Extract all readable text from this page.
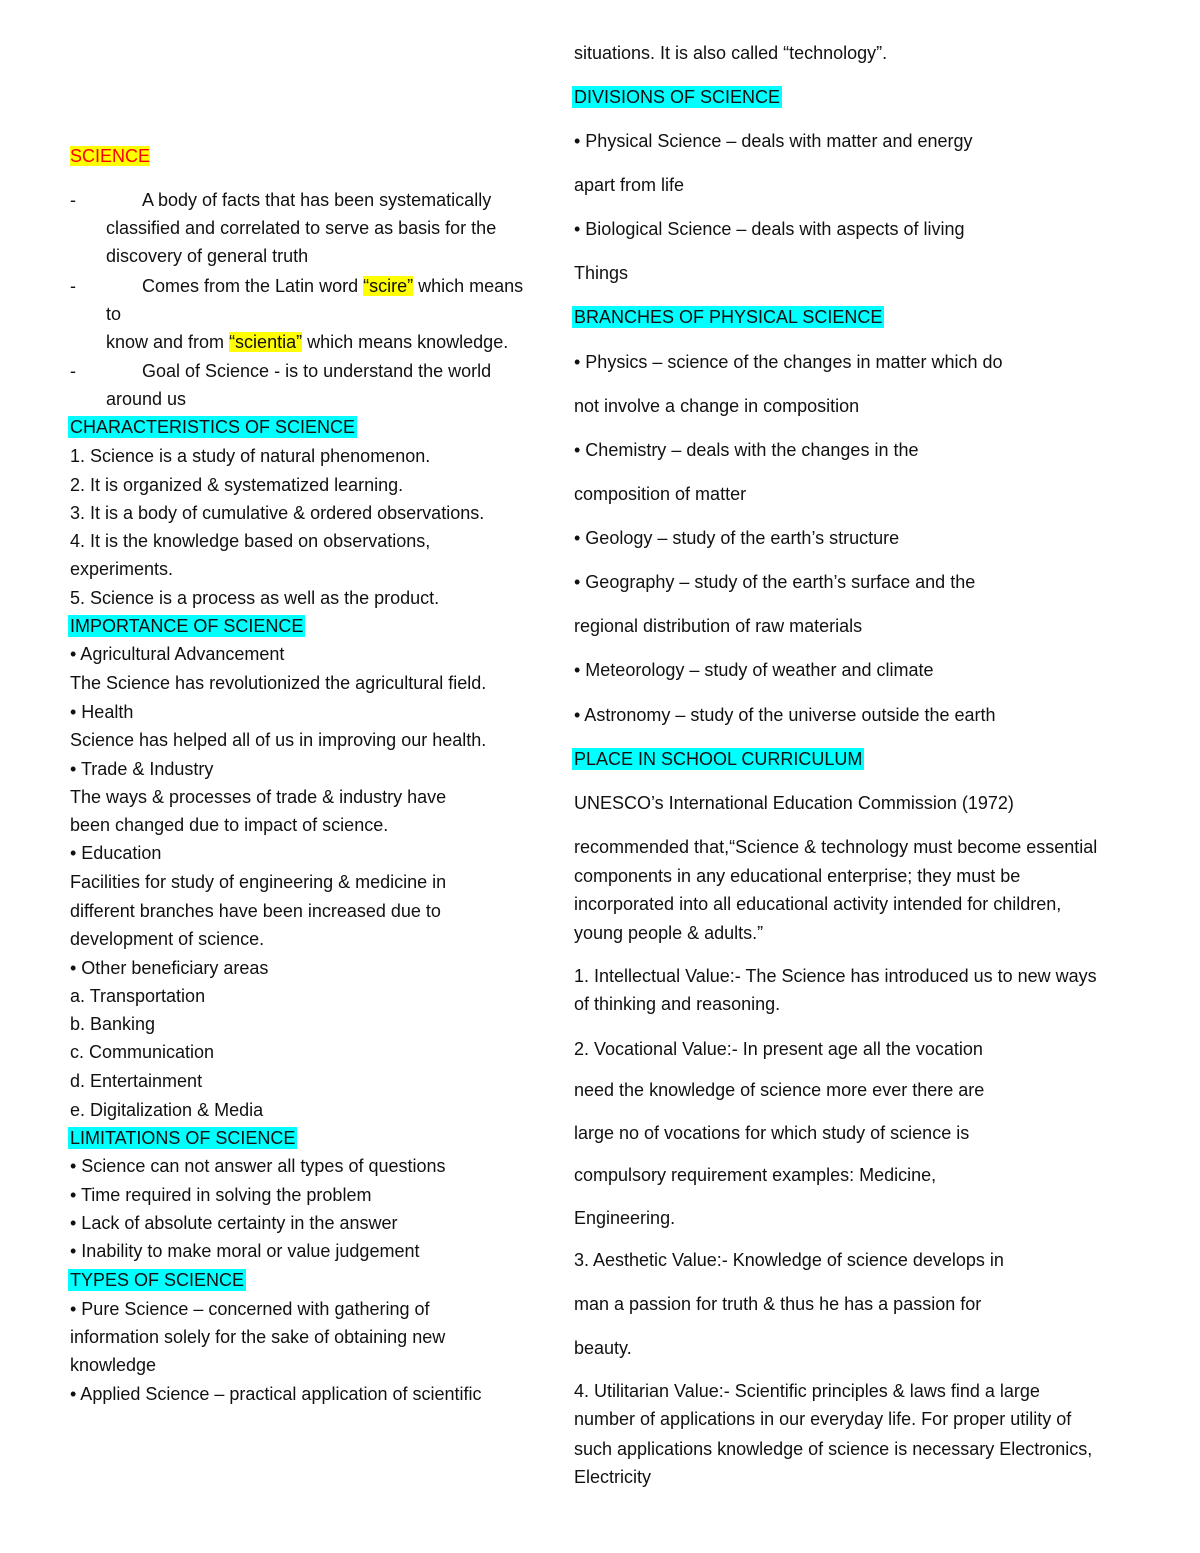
SCIENCE
-	A body of facts that has been systematically
classified and correlated to serve as basis for the
discovery of general truth
-	Comes from the Latin word “scire” which means
to
know and from “scientia” which means knowledge.
-	Goal of Science - is to understand the world
around us
CHARACTERISTICS OF SCIENCE
1. Science is a study of natural phenomenon.
2. It is organized & systematized learning.
3. It is a body of cumulative & ordered observations.
4. It is the knowledge based on observations,
experiments.
5. Science is a process as well as the product.
IMPORTANCE OF SCIENCE
• Agricultural Advancement
The Science has revolutionized the agricultural field.
• Health
Science has helped all of us in improving our health.
• Trade & Industry
The ways & processes of trade & industry have
been changed due to impact of science.
• Education
Facilities for study of engineering & medicine in
different branches have been increased due to
development of science.
• Other beneficiary areas
a. Transportation
b. Banking
c. Communication
d. Entertainment
e. Digitalization & Media
LIMITATIONS OF SCIENCE
• Science can not answer all types of questions
• Time required in solving the problem
• Lack of absolute certainty in the answer
• Inability to make moral or value judgement
TYPES OF SCIENCE
• Pure Science – concerned with gathering of
information solely for the sake of obtaining new
knowledge
• Applied Science – practical application of scientific
situations. It is also called “technology”.
DIVISIONS OF SCIENCE
• Physical Science – deals with matter and energy
apart from life
• Biological Science – deals with aspects of living
Things
BRANCHES OF PHYSICAL SCIENCE
• Physics – science of the changes in matter which do
not involve a change in composition
• Chemistry – deals with the changes in the
composition of matter
• Geology – study of the earth’s structure
• Geography – study of the earth’s surface and the
regional distribution of raw materials
• Meteorology – study of weather and climate
• Astronomy – study of the universe outside the earth
PLACE IN SCHOOL CURRICULUM
UNESCO’s International Education Commission (1972)
recommended that,“Science & technology must become essential
components in any educational enterprise; they must be
incorporated into all educational activity intended for children,
young people & adults.”
1. Intellectual Value:- The Science has introduced us to new ways
of thinking and reasoning.
2. Vocational Value:- In present age all the vocation
need the knowledge of science more ever there are
large no of vocations for which study of science is
compulsory requirement examples: Medicine,
Engineering.
3. Aesthetic Value:- Knowledge of science develops in
man a passion for truth & thus he has a passion for
beauty.
4. Utilitarian Value:- Scientific principles & laws find a large
number of applications in our everyday life. For proper utility of
such applications knowledge of science is necessary Electronics,
Electricity
